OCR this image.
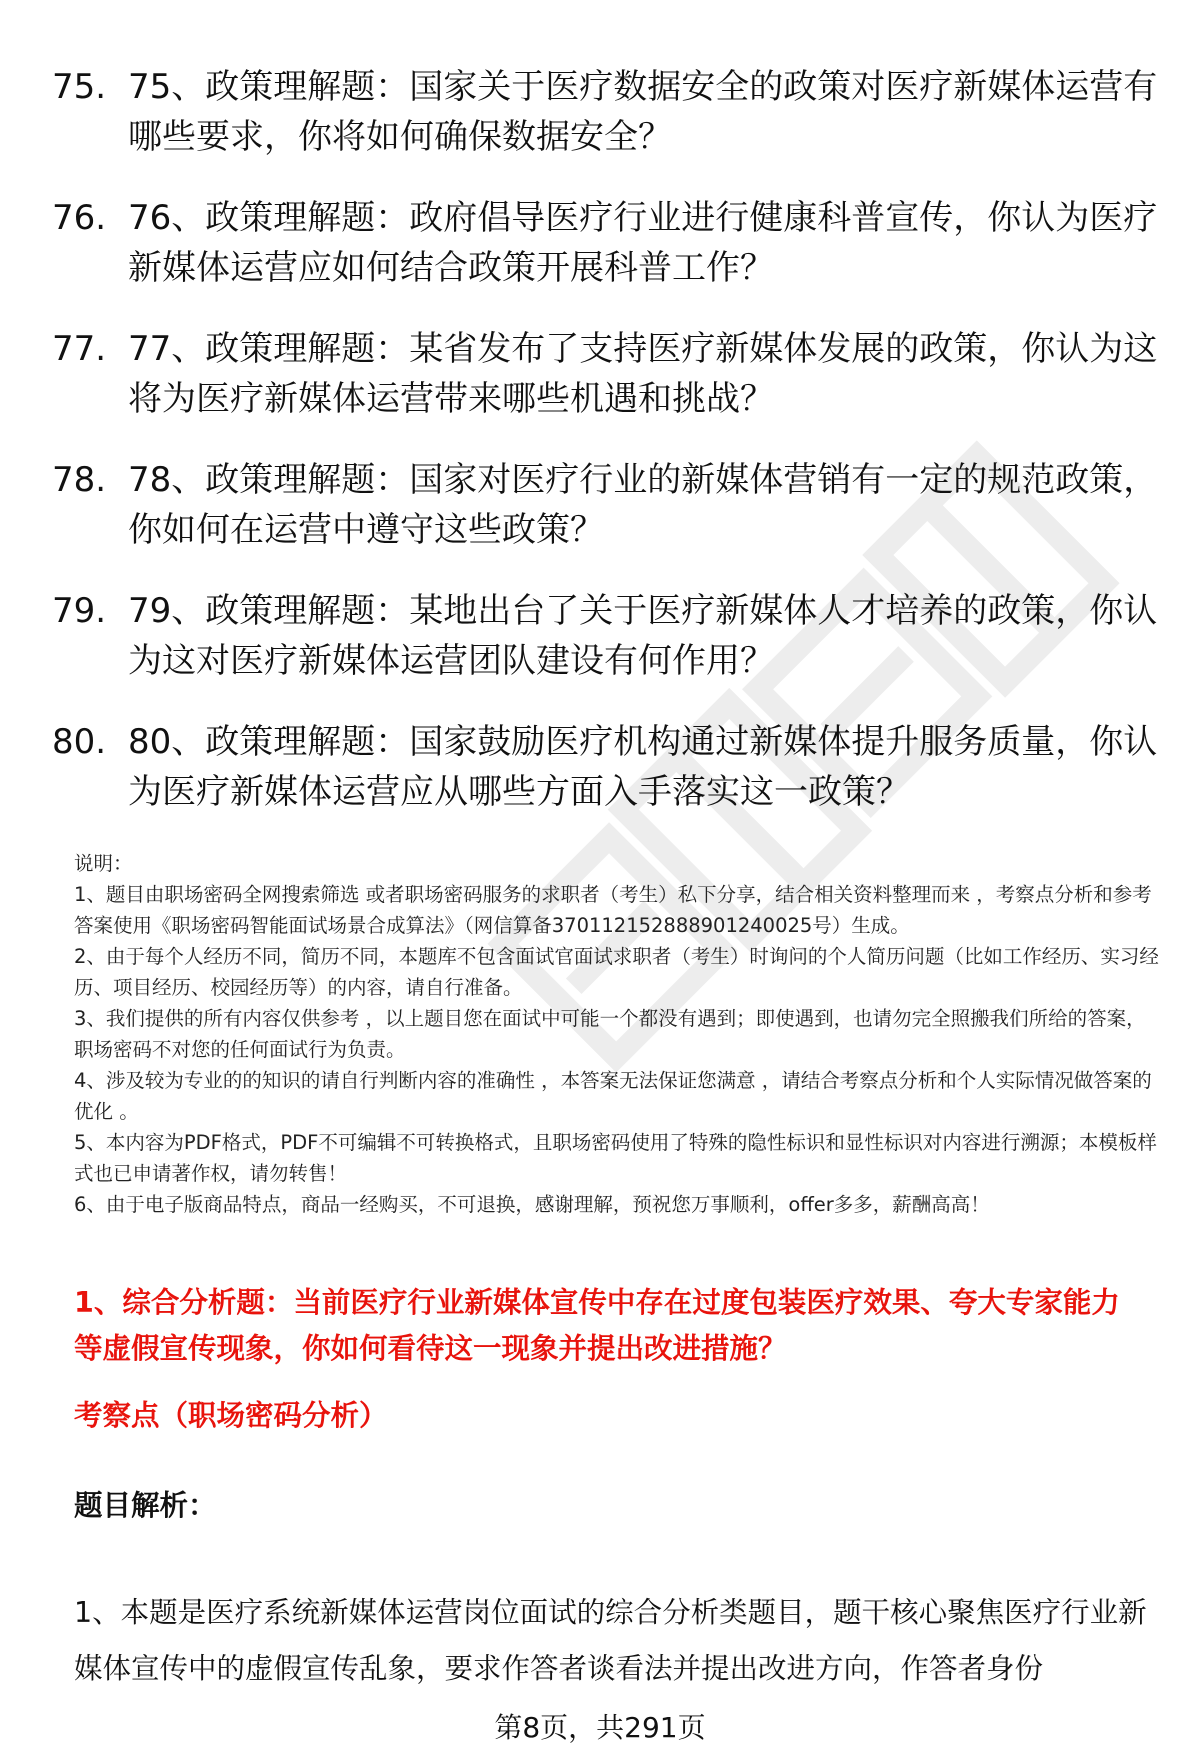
75. 75、政策理解题：国家关于医疗数据安全的政策对医疗新媒体运营有哪些要求，你将如何确保数据安全？
76. 76、政策理解题：政府倡导医疗行业进行健康科普宣传，你认为医疗新媒体运营应如何结合政策开展科普工作？
77. 77、政策理解题：某省发布了支持医疗新媒体发展的政策，你认为这将为医疗新媒体运营带来哪些机遇和挑战？
78. 78、政策理解题：国家对医疗行业的新媒体营销有一定的规范政策，你如何在运营中遵守这些政策？
79. 79、政策理解题：某地出台了关于医疗新媒体人才培养的政策，你认为这对医疗新媒体运营团队建设有何作用？
80. 80、政策理解题：国家鼓励医疗机构通过新媒体提升服务质量，你认为医疗新媒体运营应从哪些方面入手落实这一政策？

说明：

1、题目由职场密码全网搜索筛选 或者职场密码服务的求职者（考生）私下分享，结合相关资料整理而来 ，考察点分析和参考答案使用《职场密码智能面试场景合成算法》（网信算备370112152888901240025号）生成。

2、由于每个人经历不同，简历不同，本题库不包含面试官面试求职者（考生）时询问的个人简历问题（比如工作经历、实习经历、项目经历、校园经历等）的内容，请自行准备。

3、我们提供的所有内容仅供参考 ，以上题目您在面试中可能一个都没有遇到；即使遇到，也请勿完全照搬我们所给的答案，职场密码不对您的任何面试行为负责。

4、涉及较为专业的的知识的请自行判断内容的准确性 ，本答案无法保证您满意 ，请结合考察点分析和个人实际情况做答案的优化 。

5、本内容为PDF格式，PDF不可编辑不可转换格式，且职场密码使用了特殊的隐性标识和显性标识对内容进行溯源；本模板样式也已申请著作权，请勿转售！

6、由于电子版商品特点，商品一经购买，不可退换，感谢理解，预祝您万事顺利，offer多多，薪酬高高！

1、综合分析题：当前医疗行业新媒体宣传中存在过度包装医疗效果、夸大专家能力等虚假宣传现象，你如何看待这一现象并提出改进措施？
考察点（职场密码分析）
题目解析：
1、本题是医疗系统新媒体运营岗位面试的综合分析类题目，题干核心聚焦医疗行业新媒体宣传中的虚假宣传乱象，要求作答者谈看法并提出改进方向，作答者身份
第8页，共291页
